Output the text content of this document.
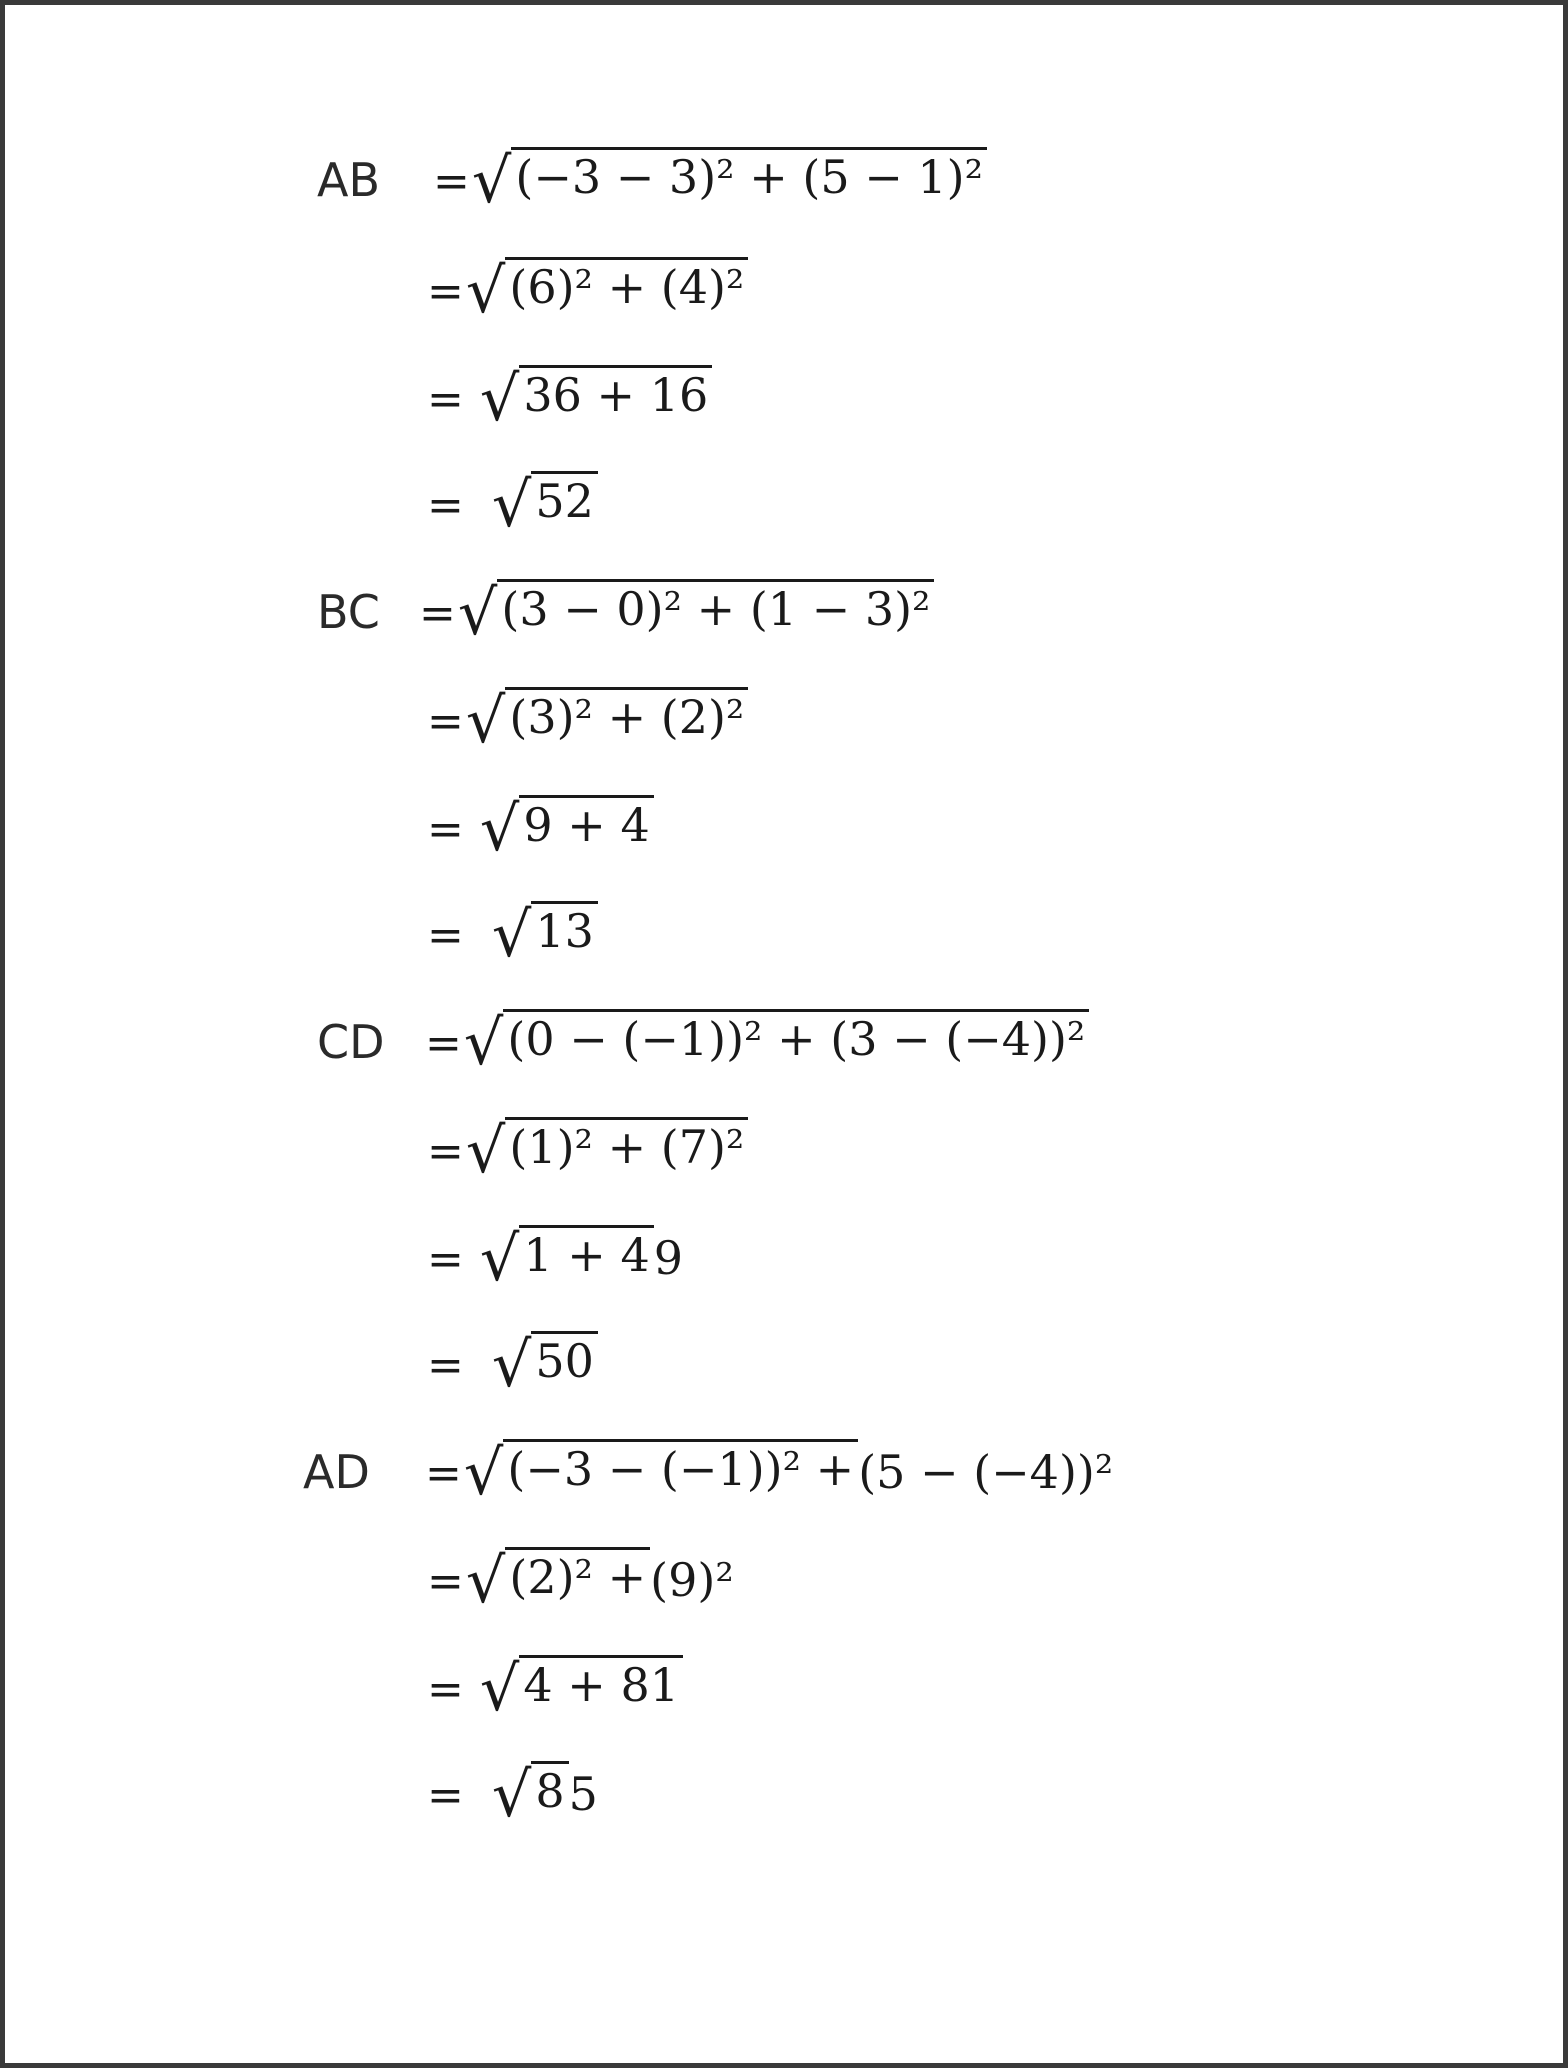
AB = √ (−3 − 3)² + (5 − 1)²
= √ (6)² + (4)²
= √ 36 + 16
= √ 52
BC = √ (3 − 0)² + (1 − 3)²
= √ (3)² + (2)²
= √ 9 + 4
= √ 13
CD = √ (0 − (−1))² + (3 − (−4))²
= √ (1)² + (7)²
= √ 1 + 4 9
= √ 50
AD = √ (−3 − (−1))² + (5 − (−4))²
= √ (2)² + (9)²
= √ 4 + 81
= √ 8 5
